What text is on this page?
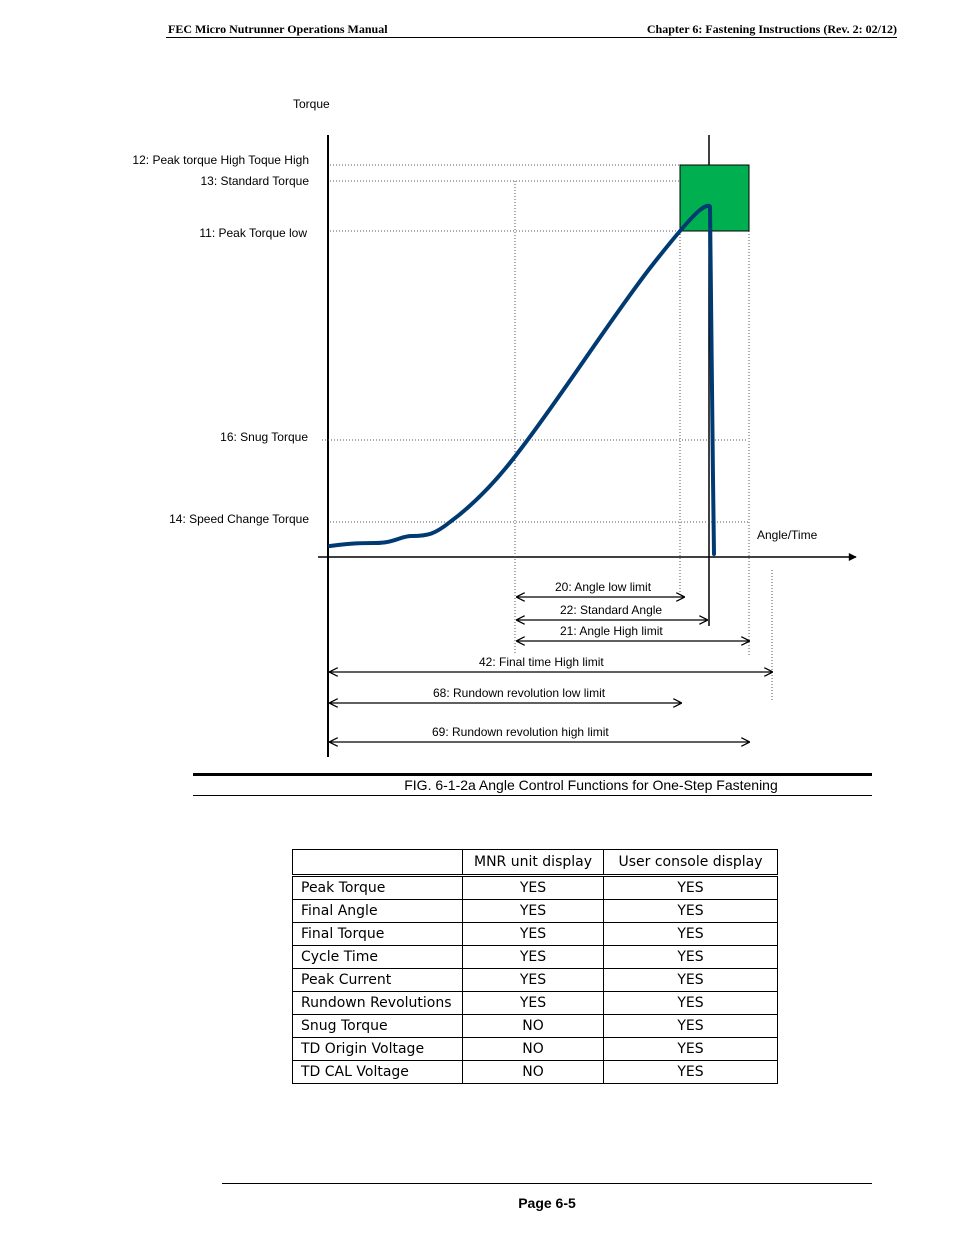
FEC Micro Nutrunner Operations Manual	Chapter 6: Fastening Instructions (Rev. 2: 02/12)
Torque
Angle/Time
12: Peak torque High Toque High
13: Standard Torque
11: Peak Torque low
16: Snug Torque
14: Speed Change Torque
20: Angle low limit
22: Standard Angle
21: Angle High limit
42: Final time High limit
68: Rundown revolution low limit
69: Rundown revolution high limit
FIG. 6-1-2a Angle Control Functions for One-Step Fastening
	MNR unit display	User console display
Peak Torque	YES	YES
Final Angle	YES	YES
Final Torque	YES	YES
Cycle Time	YES	YES
Peak Current	YES	YES
Rundown Revolutions	YES	YES
Snug Torque	NO	YES
TD Origin Voltage	NO	YES
TD CAL Voltage	NO	YES
Page 6-5
